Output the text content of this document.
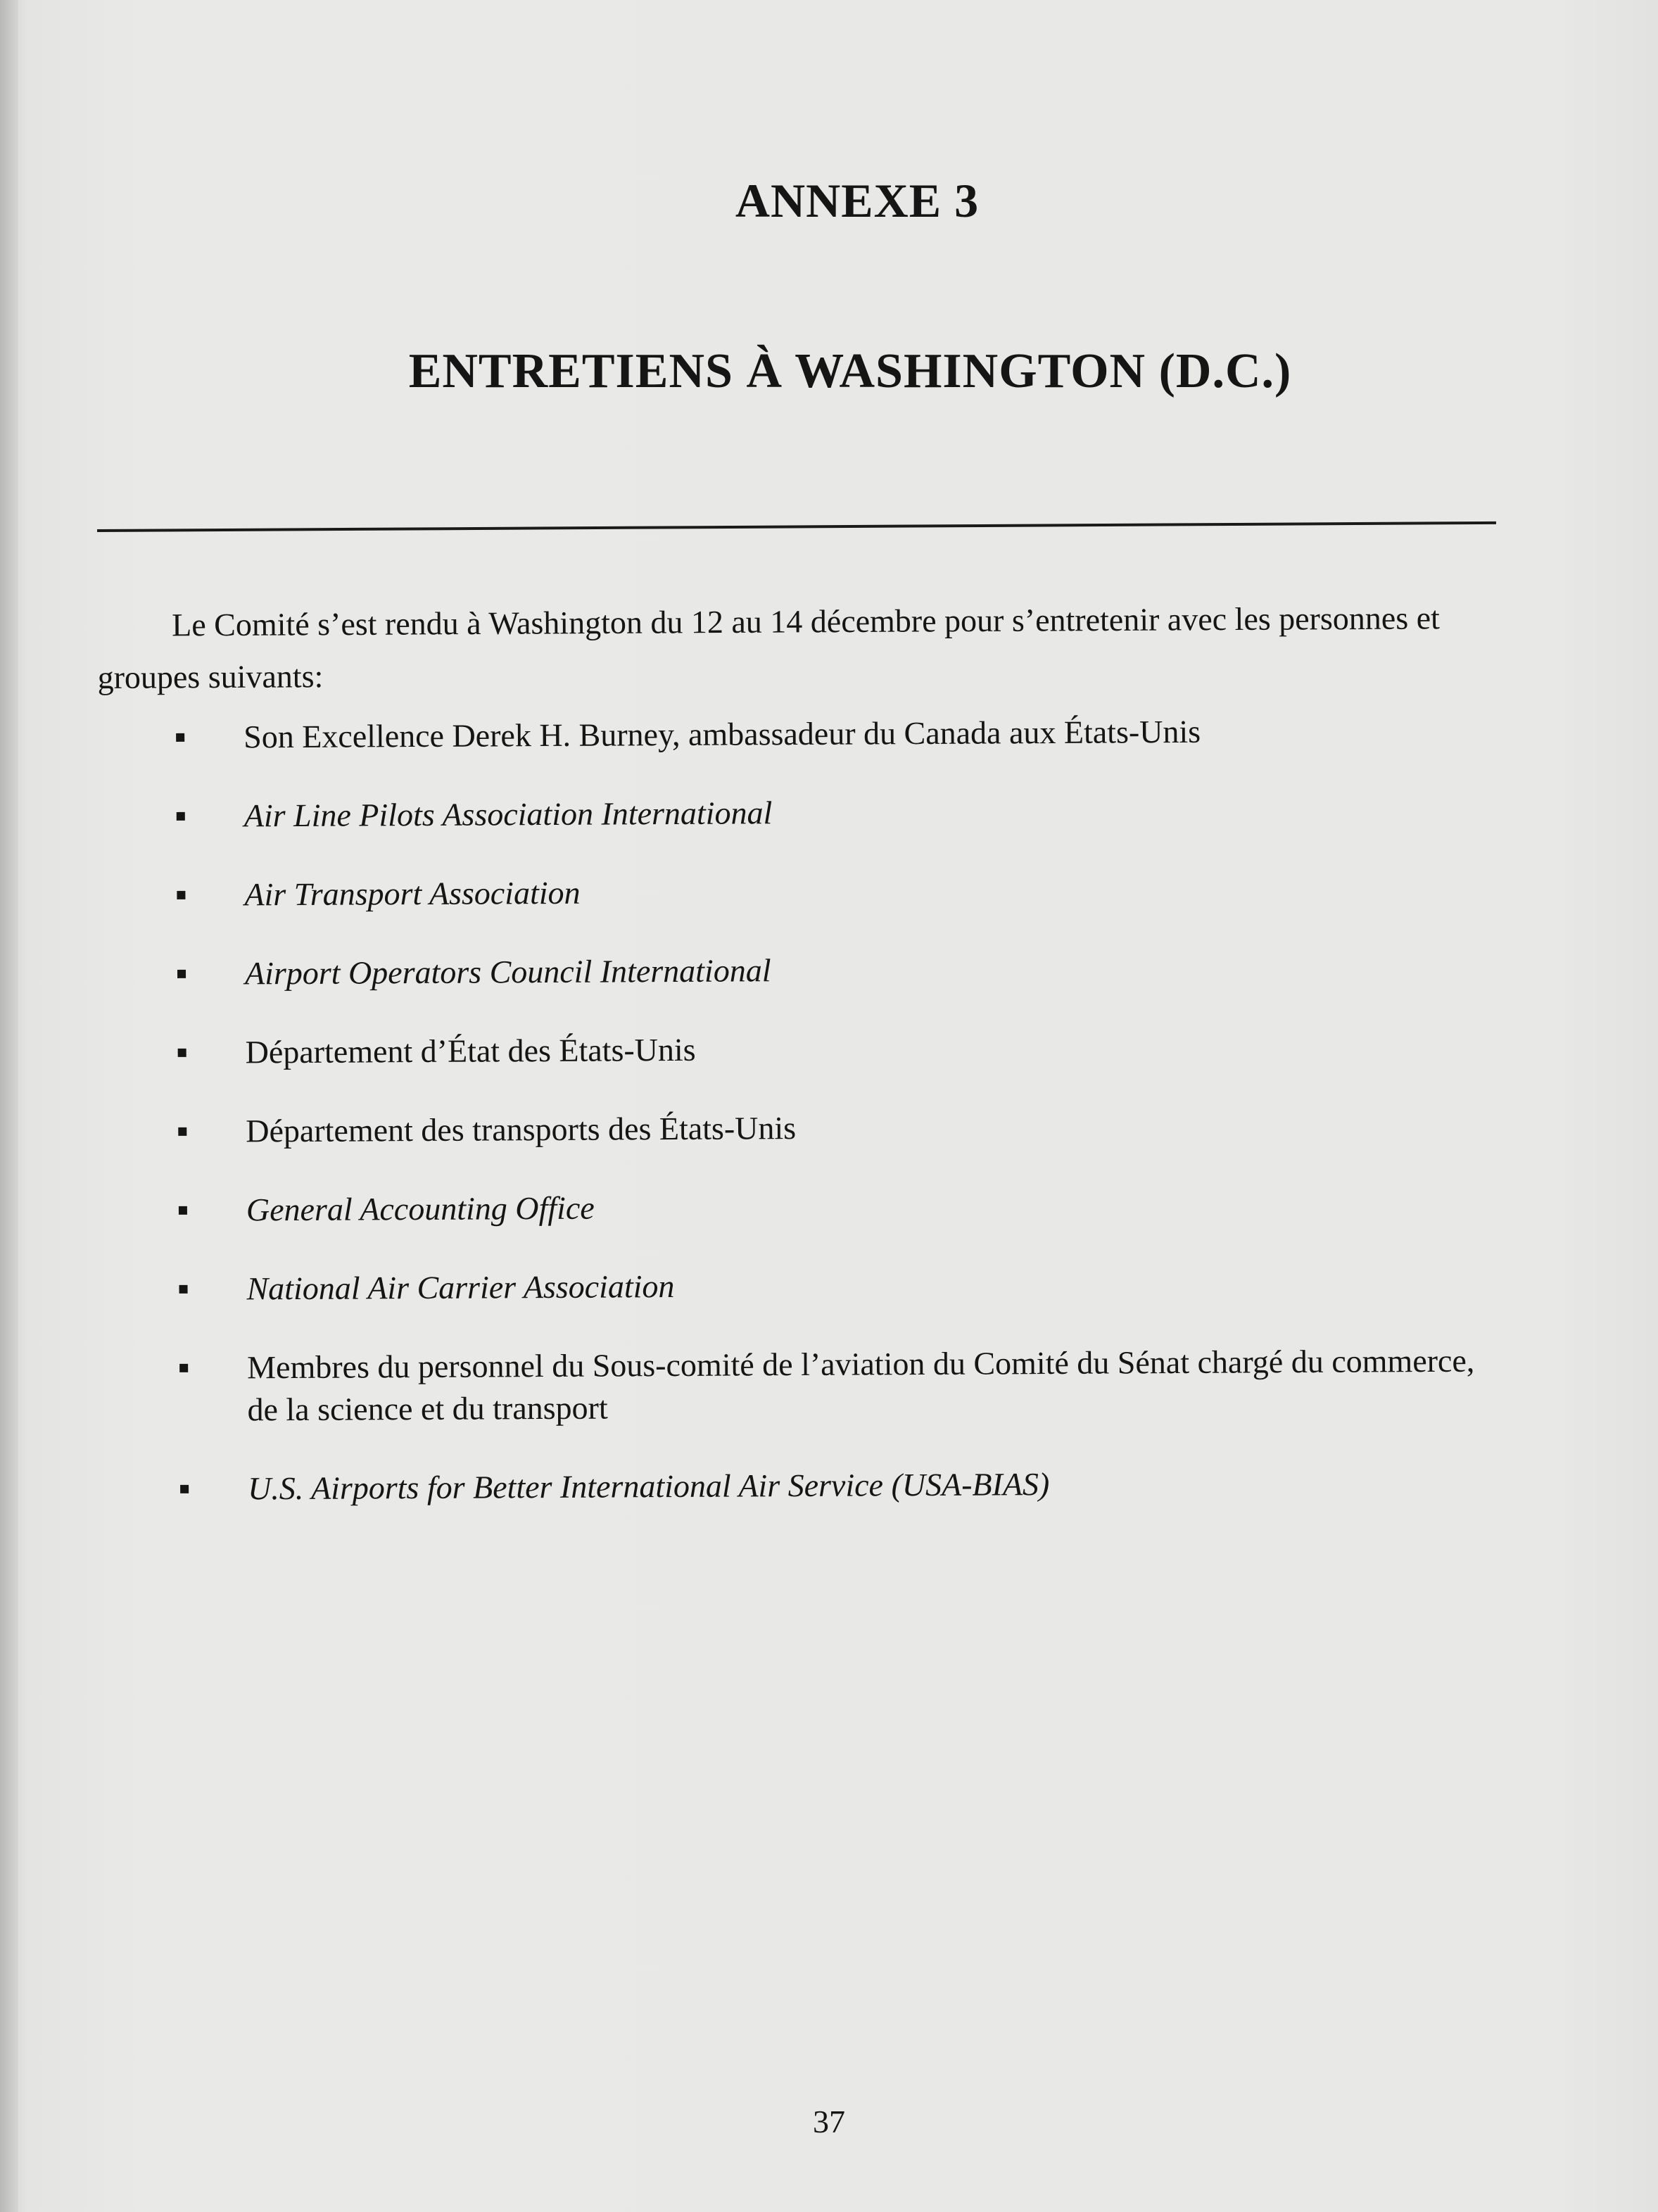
ANNEXE 3
ENTRETIENS À WASHINGTON (D.C.)

Le Comité s’est rendu à Washington du 12 au 14 décembre pour s’entretenir avec les personnes et groupes suivants:

Son Excellence Derek H. Burney, ambassadeur du Canada aux États-Unis
Air Line Pilots Association International
Air Transport Association
Airport Operators Council International
Département d’État des États-Unis
Département des transports des États-Unis
General Accounting Office
National Air Carrier Association
Membres du personnel du Sous-comité de l’aviation du Comité du Sénat chargé du commerce, de la science et du transport
U.S. Airports for Better International Air Service (USA-BIAS)
37
